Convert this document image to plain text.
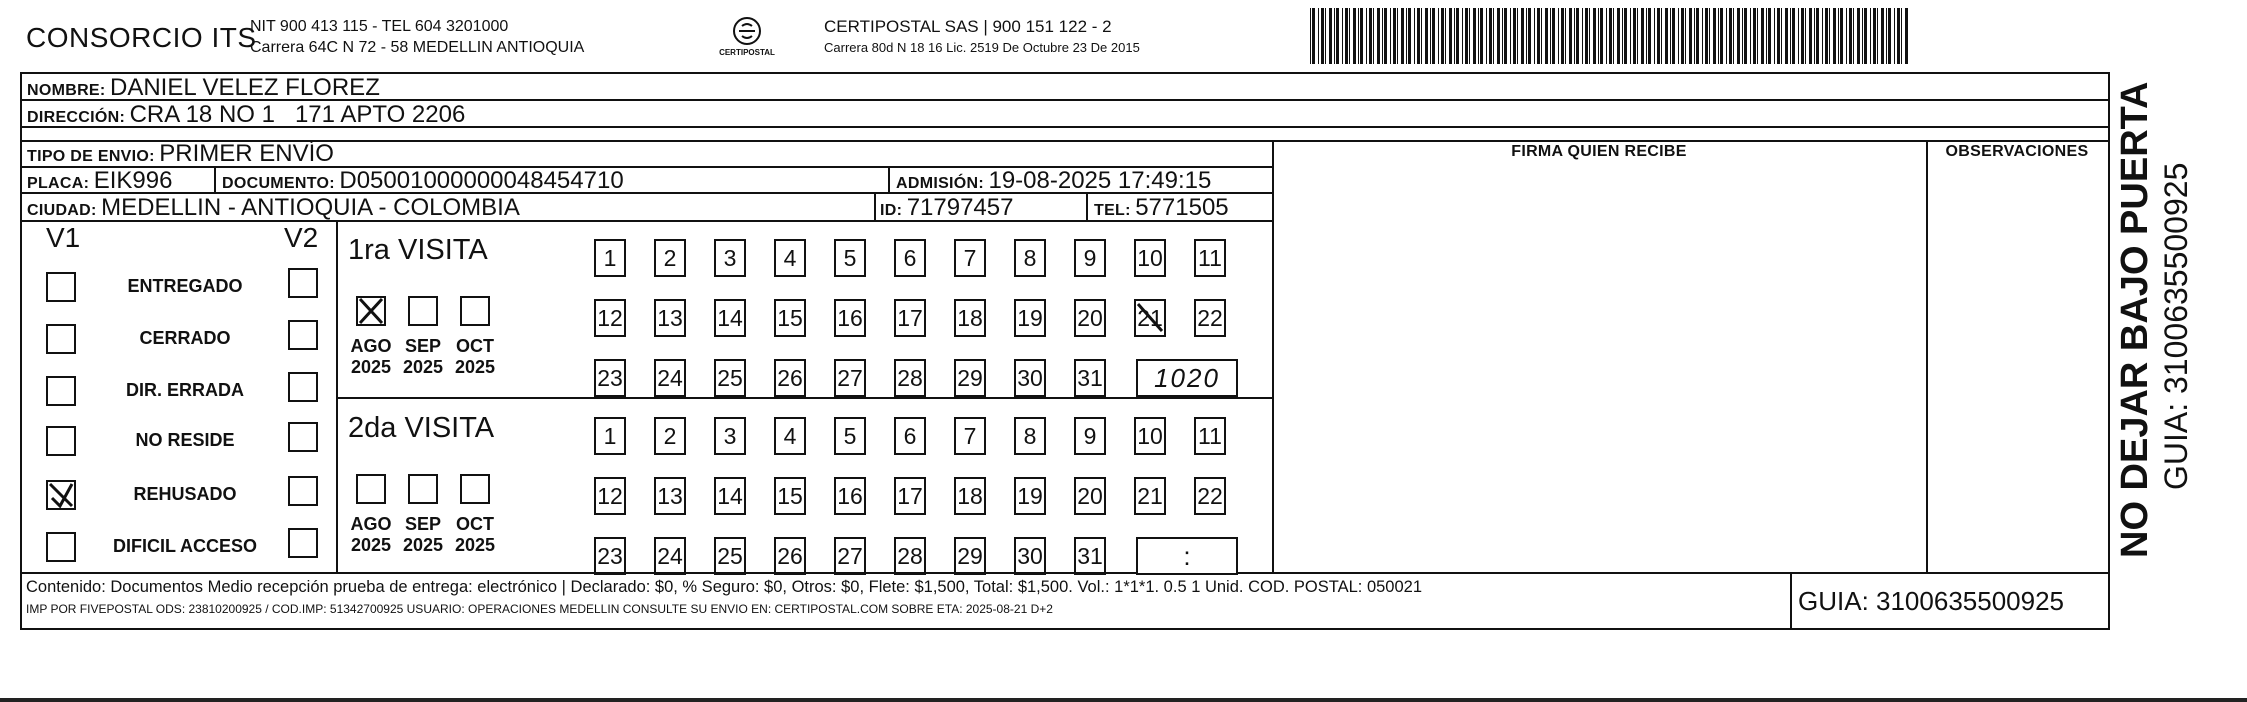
CONSORCIO ITS
NIT 900 413 115 - TEL 604 3201000
Carrera 64C N 72 - 58 MEDELLIN ANTIOQUIA	CERTIPOSTAL
CERTIPOSTAL SAS | 900 151 122 - 2
Carrera 80d N 18 16 Lic. 2519 De Octubre 23 De 2015
NOMBRE: DANIEL VELEZ FLOREZ
DIRECCIÓN: CRA 18 NO 1   171 APTO 2206
TIPO DE ENVIO: PRIMER ENVÍO	FIRMA QUIEN RECIBE	OBSERVACIONES
PLACA: EIK996	DOCUMENTO: D05001000000048454710	ADMISIÓN: 19-08-2025 17:49:15
CIUDAD: MEDELLIN - ANTIOQUIA - COLOMBIA	ID: 71797457	TEL: 5771505
V1	V2
ENTREGADO
CERRADO
DIR. ERRADA
NO RESIDE
REHUSADO
DIFICIL ACCESO
1ra VISITA
AGO
2025
SEP
2025
OCT
2025
1	2	3	4	5	6	7	8	9	10 11
12 13 14 15 16 17 18 19 20 21 22
23 24 25 26 27 28 29 30 31	1020
2da VISITA
AGO
2025
SEP
2025
OCT
2025
1	2	3	4	5	6	7	8	9	10 11
12 13 14 15 16 17 18 19 20 21 22
23 24 25 26 27 28 29 30 31	:
Contenido: Documentos Medio recepción prueba de entrega: electrónico | Declarado: $0, % Seguro: $0, Otros: $0, Flete: $1,500, Total: $1,500. Vol.: 1*1*1. 0.5 1 Unid. COD. POSTAL: 050021
IMP POR FIVEPOSTAL ODS: 23810200925 / COD.IMP: 51342700925 USUARIO: OPERACIONES MEDELLIN CONSULTE SU ENVIO EN: CERTIPOSTAL.COM SOBRE ETA: 2025-08-21 D+2	GUIA: 3100635500925
NO DEJAR BAJO PUERTA GUIA: 3100635500925
